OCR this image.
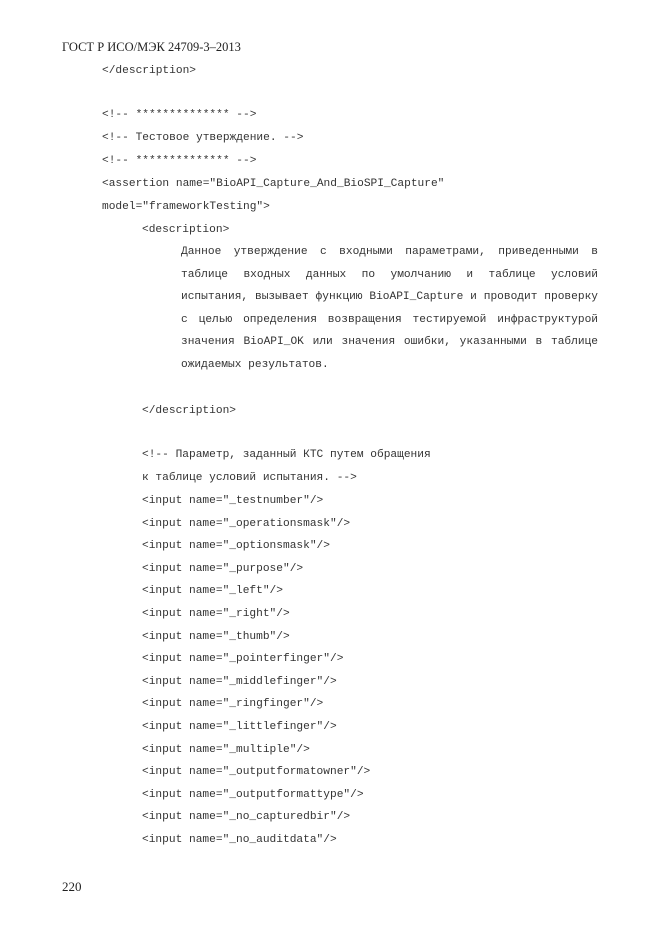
ГОСТ Р ИСО/МЭК 24709-3–2013
</description>
<!-- ************** -->
<!-- Тестовое утверждение. -->
<!-- ************** -->
<assertion name="BioAPI_Capture_And_BioSPI_Capture"
model="frameworkTesting">
<description>
Данное утверждение с входными параметрами, приведенными в таблице входных данных по умолчанию и таблице условий испытания, вызывает функцию BioAPI_Capture и проводит проверку с целью определения возвращения тестируемой инфраструктурой значения BioAPI_OK или значения ошибки, указанными в таблице ожидаемых результатов.
</description>
<!-- Параметр, заданный КТС путем обращения
к таблице условий испытания. -->
<input name="_testnumber"/>
<input name="_operationsmask"/>
<input name="_optionsmask"/>
<input name="_purpose"/>
<input name="_left"/>
<input name="_right"/>
<input name="_thumb"/>
<input name="_pointerfinger"/>
<input name="_middlefinger"/>
<input name="_ringfinger"/>
<input name="_littlefinger"/>
<input name="_multiple"/>
<input name="_outputformatowner"/>
<input name="_outputformattype"/>
<input name="_no_capturedbir"/>
<input name="_no_auditdata"/>
220
